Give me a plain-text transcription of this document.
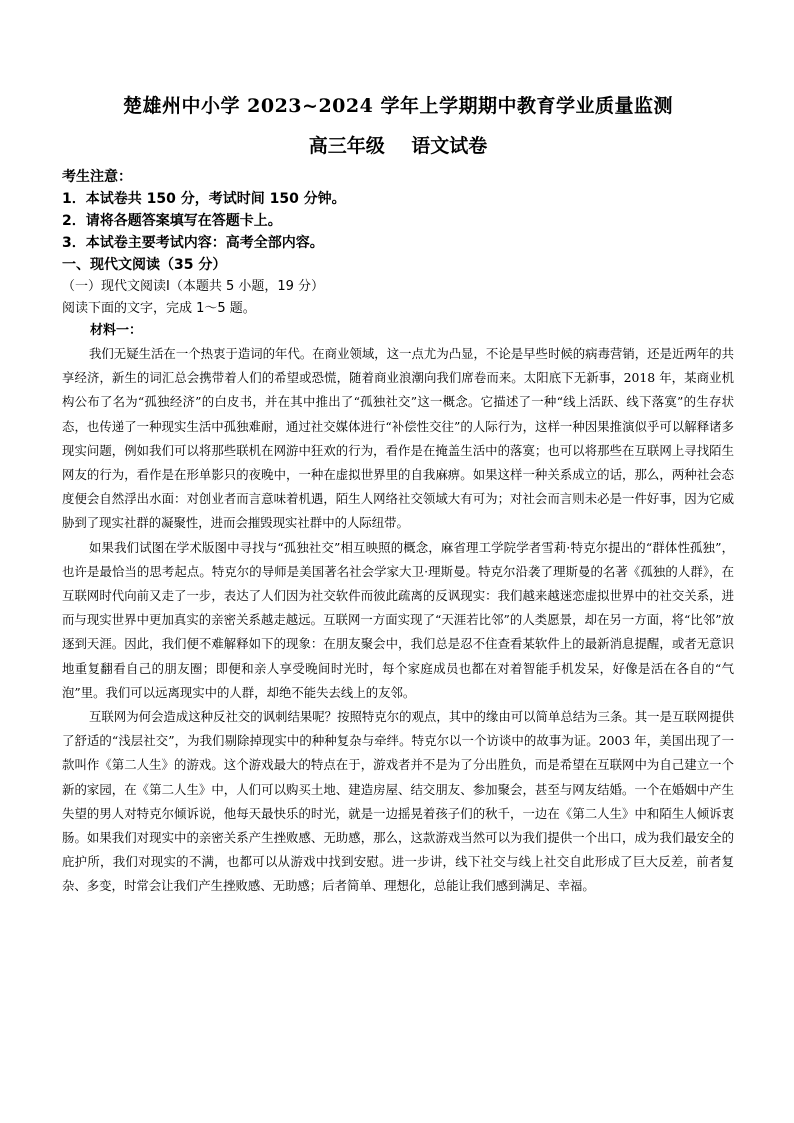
楚雄州中小学 2023~2024 学年上学期期中教育学业质量监测
高三年级    语文试卷

考生注意：

1．本试卷共 150 分，考试时间 150 分钟。

2．请将各题答案填写在答题卡上。

3．本试卷主要考试内容：高考全部内容。

一、现代文阅读（35 分）

（一）现代文阅读Ⅰ（本题共 5 小题，19 分）

阅读下面的文字，完成 1～5 题。

材料一：

我们无疑生活在一个热衷于造词的年代。在商业领域，这一点尤为凸显，不论是早些时候的病毒营销，还是近两年的共享经济，新生的词汇总会携带着人们的希望或恐慌，随着商业浪潮向我们席卷而来。太阳底下无新事，2018 年，某商业机构公布了名为“孤独经济”的白皮书，并在其中推出了“孤独社交”这一概念。它描述了一种“线上活跃、线下落寞”的生存状态，也传递了一种现实生活中孤独难耐，通过社交媒体进行“补偿性交往”的人际行为，这样一种因果推演似乎可以解释诸多现实问题，例如我们可以将那些联机在网游中狂欢的行为，看作是在掩盖生活中的落寞；也可以将那些在互联网上寻找陌生网友的行为，看作是在形单影只的夜晚中，一种在虚拟世界里的自我麻痹。如果这样一种关系成立的话，那么，两种社会态度便会自然浮出水面：对创业者而言意味着机遇，陌生人网络社交领域大有可为；对社会而言则未必是一件好事，因为它威胁到了现实社群的凝聚性，进而会摧毁现实社群中的人际纽带。

如果我们试图在学术版图中寻找与“孤独社交”相互映照的概念，麻省理工学院学者雪莉·特克尔提出的“群体性孤独”，也许是最恰当的思考起点。特克尔的导师是美国著名社会学家大卫·理斯曼。特克尔沿袭了理斯曼的名著《孤独的人群》，在互联网时代向前又走了一步，表达了人们因为社交软件而彼此疏离的反讽现实：我们越来越迷恋虚拟世界中的社交关系，进而与现实世界中更加真实的亲密关系越走越远。互联网一方面实现了“天涯若比邻”的人类愿景，却在另一方面，将“比邻”放逐到天涯。因此，我们便不难解释如下的现象：在朋友聚会中，我们总是忍不住查看某软件上的最新消息提醒，或者无意识地重复翻看自己的朋友圈；即便和亲人享受晚间时光时，每个家庭成员也都在对着智能手机发呆，好像是活在各自的“气泡”里。我们可以远离现实中的人群，却绝不能失去线上的友邻。

互联网为何会造成这种反社交的讽刺结果呢？按照特克尔的观点，其中的缘由可以简单总结为三条。其一是互联网提供了舒适的“浅层社交”，为我们剔除掉现实中的种种复杂与牵绊。特克尔以一个访谈中的故事为证。2003 年，美国出现了一款叫作《第二人生》的游戏。这个游戏最大的特点在于，游戏者并不是为了分出胜负，而是希望在互联网中为自己建立一个新的家园，在《第二人生》中，人们可以购买土地、建造房屋、结交朋友、参加聚会，甚至与网友结婚。一个在婚姻中产生失望的男人对特克尔倾诉说，他每天最快乐的时光，就是一边摇晃着孩子们的秋千，一边在《第二人生》中和陌生人倾诉衷肠。如果我们对现实中的亲密关系产生挫败感、无助感，那么，这款游戏当然可以为我们提供一个出口，成为我们最安全的庇护所，我们对现实的不满，也都可以从游戏中找到安慰。进一步讲，线下社交与线上社交自此形成了巨大反差，前者复杂、多变，时常会让我们产生挫败感、无助感；后者简单、理想化，总能让我们感到满足、幸福。
